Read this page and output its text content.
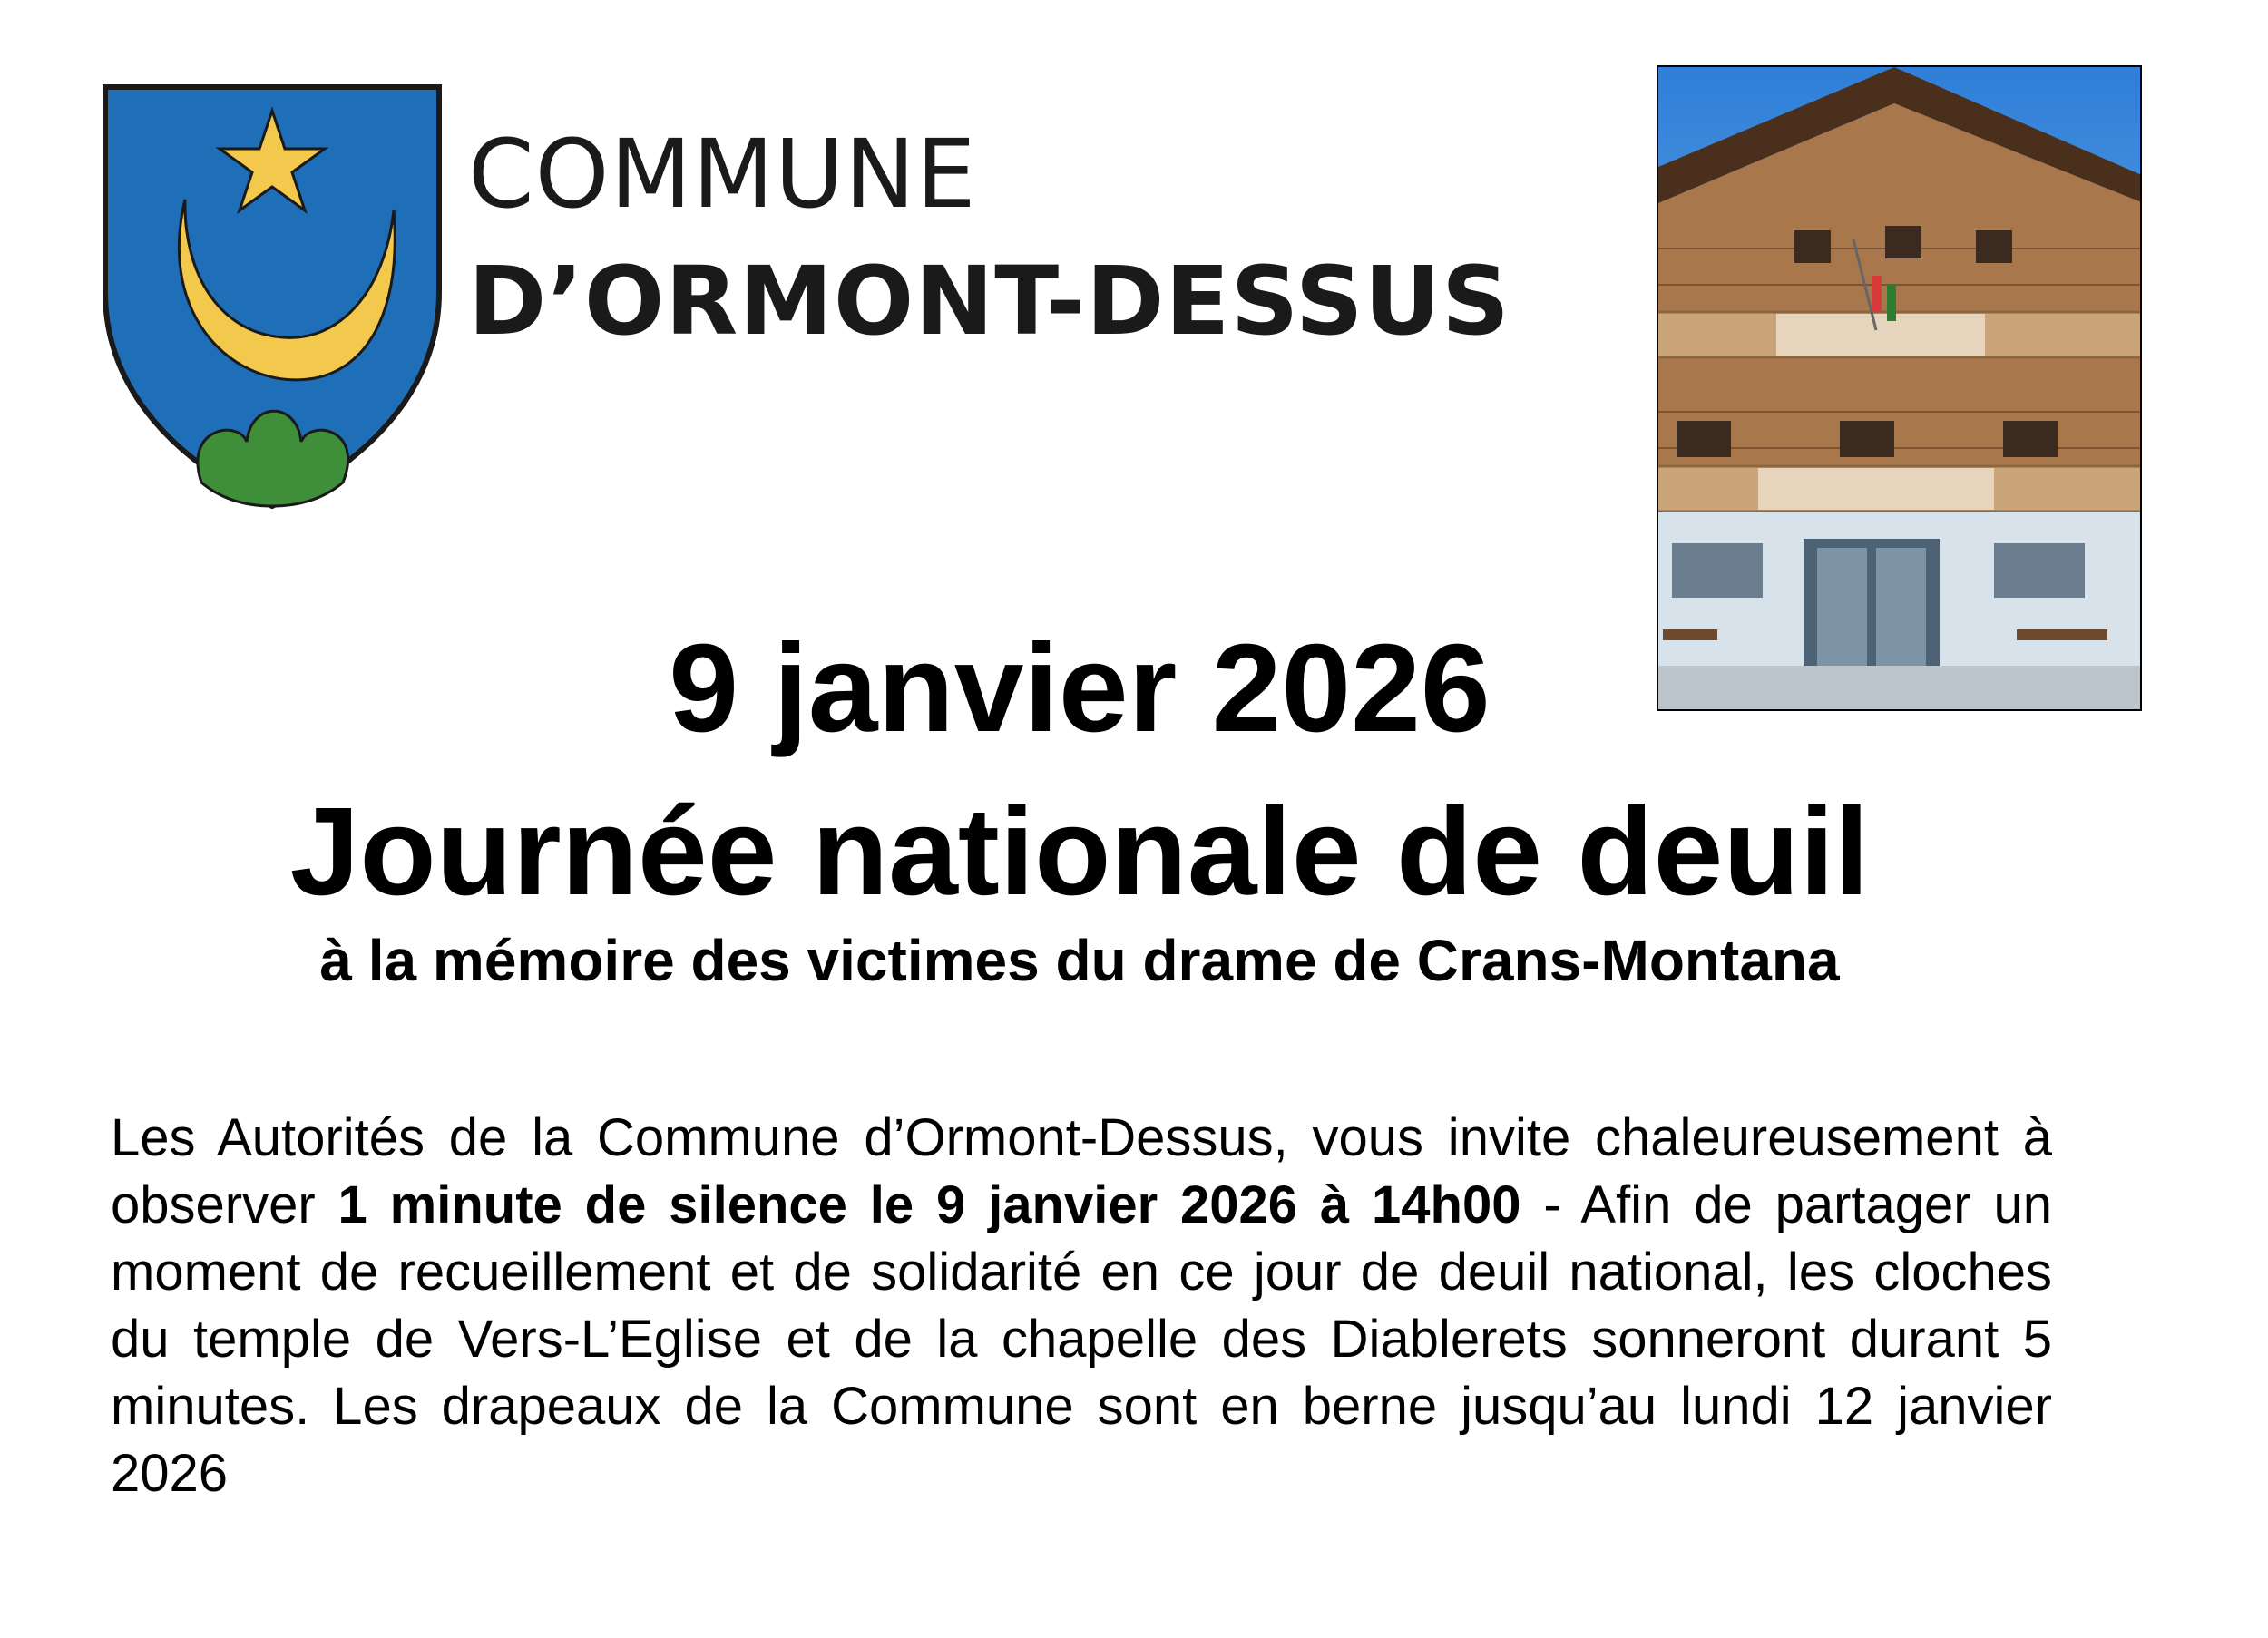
COMMUNE
D’ORMONT-DESSUS
9 janvier 2026
Journée nationale de deuil
à la mémoire des victimes du drame de Crans-Montana
Les Autorités de la Commune d’Ormont-Dessus, vous invite chaleureusement à observer 1 minute de silence le 9 janvier 2026 à 14h00 - Afin de partager un moment de recueillement et de solidarité en ce jour de deuil national, les cloches du temple de Vers-L’Eglise et de la chapelle des Diablerets sonneront durant 5 minutes. Les drapeaux de la Commune sont en berne jusqu’au lundi 12 janvier 2026
